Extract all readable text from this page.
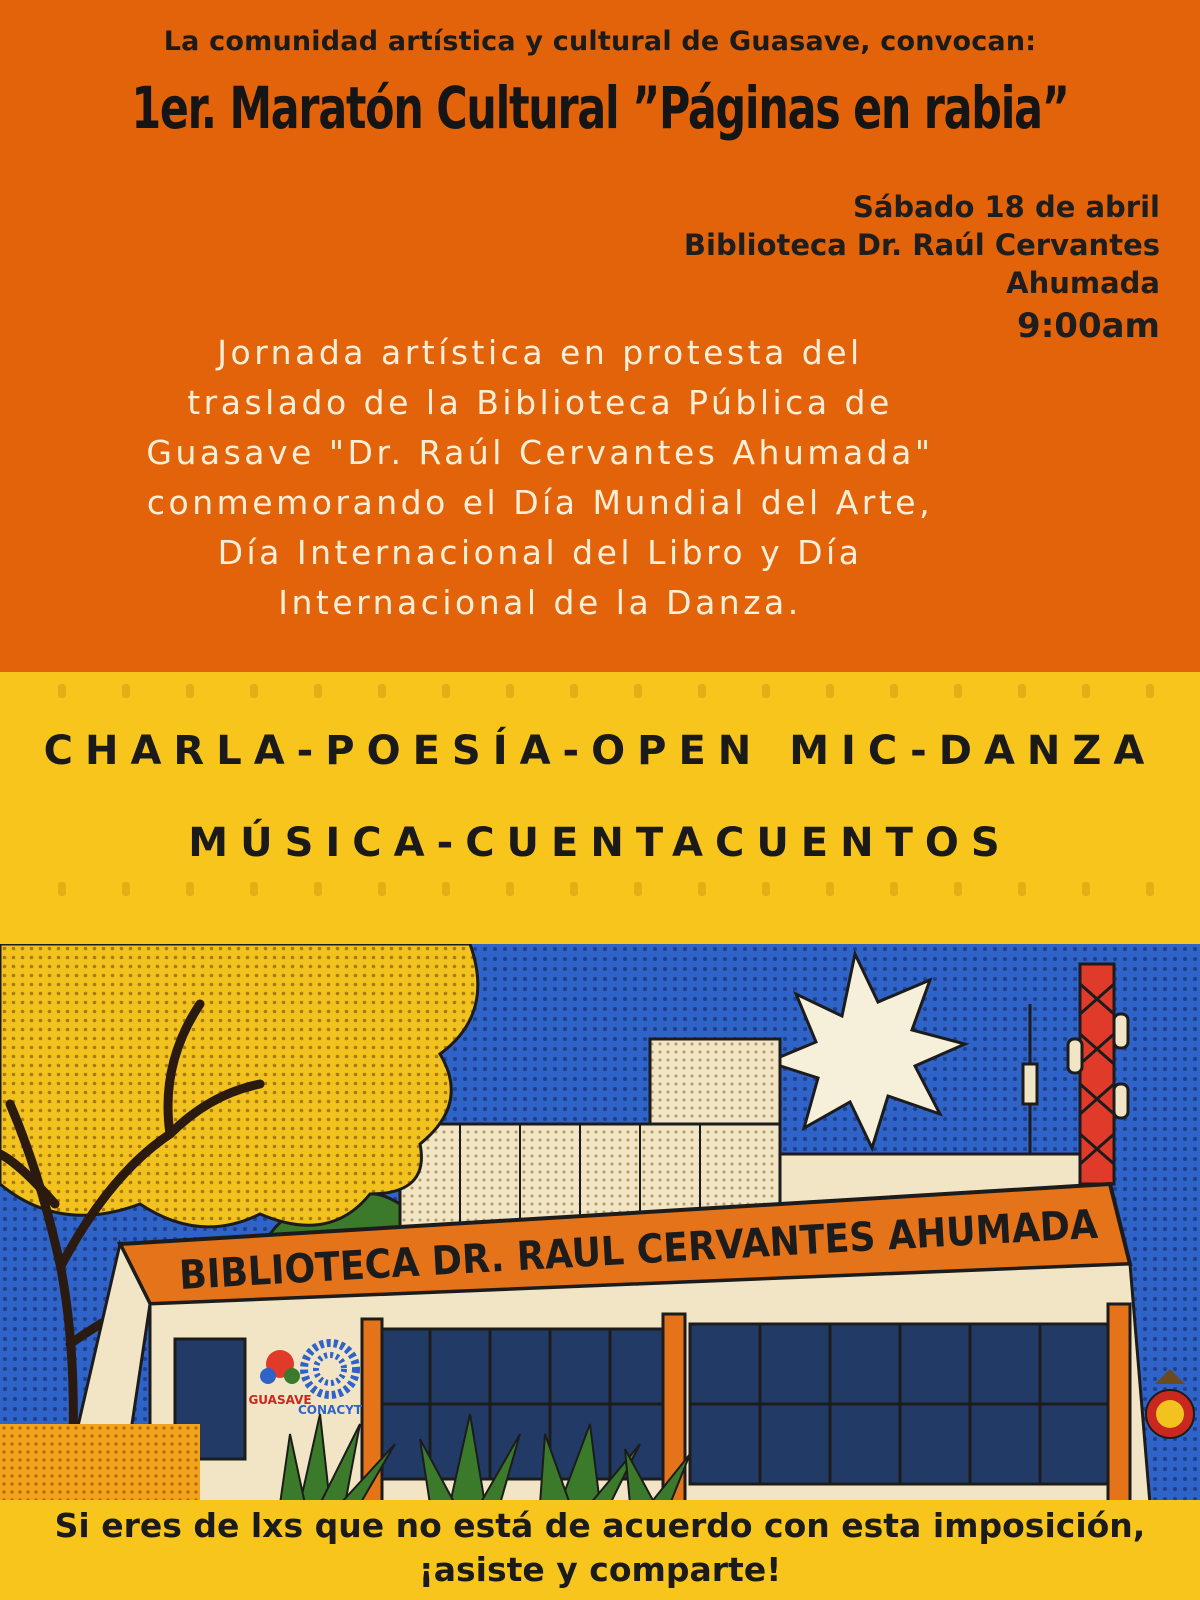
La comunidad artística y cultural de Guasave, convocan:
1er. Maratón Cultural ”Páginas en rabia”
Sábado 18 de abril
Biblioteca Dr. Raúl Cervantes
Ahumada
9:00am
Jornada artística en protesta del
traslado de la Biblioteca Pública de
Guasave "Dr. Raúl Cervantes Ahumada"
conmemorando el Día Mundial del Arte,
Día Internacional del Libro y Día
Internacional de la Danza.
CHARLA-POESÍA-OPEN MIC-DANZA
MÚSICA-CUENTACUENTOS
BIBLIOTECA DR. RAUL CERVANTES AHUMADA
GUASAVE
CONACYT
Si eres de lxs que no está de acuerdo con esta imposición,
¡asiste y comparte!
